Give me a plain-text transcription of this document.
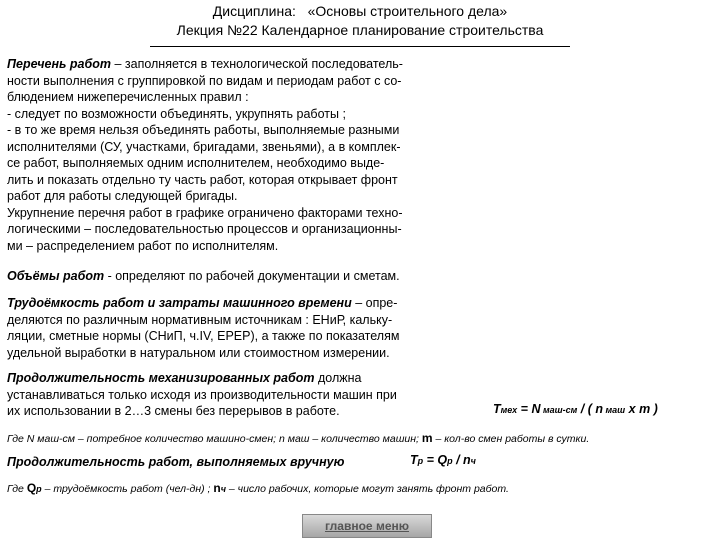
Дисциплина: «Основы строительного дела»
Лекция №22 Календарное планирование строительства
Перечень работ – заполняется в технологической последователь-
ности выполнения с группировкой по видам и периодам работ с со-
блюдением нижеперечисленных правил :
- следует по возможности объединять, укрупнять работы ;
- в то же время нельзя объединять работы, выполняемые разными
исполнителями (СУ, участками, бригадами, звеньями), а в комплек-
се работ, выполняемых одним исполнителем, необходимо выде-
лить и показать отдельно ту часть работ, которая открывает фронт
работ для работы следующей бригады.
Укрупнение перечня работ в графике ограничено факторами техно-
логическими – последовательностью процессов и организационны-
ми – распределением работ по исполнителям.
Объёмы работ - определяют по рабочей документации и сметам.
Трудоёмкость работ и затраты машинного времени – опре-
деляются по различным нормативным источникам : ЕНиР, кальку-
ляции, сметные нормы (СНиП, ч.IV, ЕРЕР), а также по показателям
удельной выработки в натуральном или стоимостном измерении.
Продолжительность механизированных работ должна
устанавливаться только исходя из производительности машин при
их использовании в 2…3 смены без перерывов в работе.	Tмех = N маш-см / ( n маш х m )
Где N маш-см – потребное количество машино-смен; n маш – количество машин; m – кол-во смен работы в сутки.
Продолжительность работ, выполняемых вручную	Tр = Qр / nч
Где Qр – трудоёмкость работ (чел-дн) ; nч – число рабочих, которые могут занять фронт работ.
главное меню
